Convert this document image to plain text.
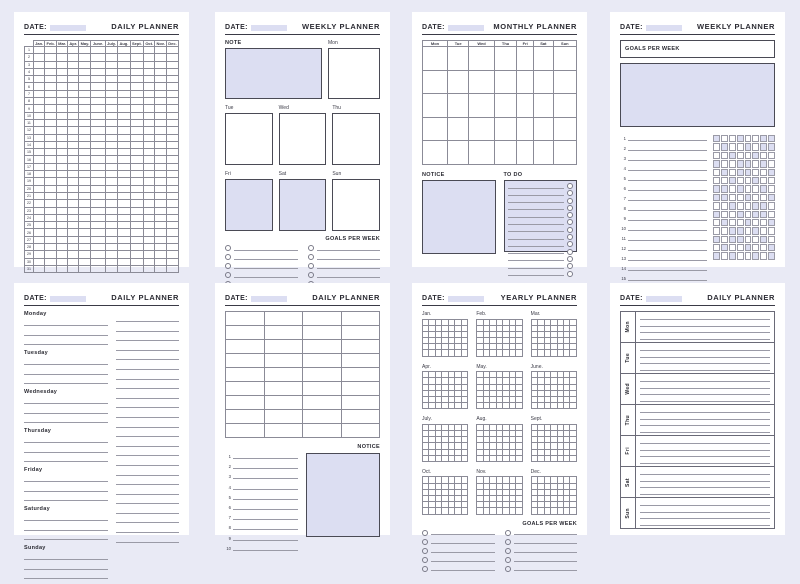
DATE:	DAILY PLANNER
	Jan.	Feb.	Mar.	Apr.	May.	June.	July.	Aug.	Sept.	Oct.	Nov.	Dec.
1												
2												
3												
4												
5												
6												
7												
8												
9												
10												
11												
12												
13												
14												
15												
16												
17												
18												
19												
20												
21												
22												
23												
24												
25												
26												
27												
28												
29												
30												
31												
DATE:	WEEKLY PLANNER
NOTE	Mon
Tue	Wed	Thu
Fri	Sat	Sun
GOALS PER WEEK
DATE:	MONTHLY PLANNER
Mon	Tue	Wed	Thu	Fri	Sat	Sun

NOTICE	TO DO
DATE:	WEEKLY PLANNER
GOALS PER WEEK
1
2
3
4
5
6
7
8
9
10
11
12
13
14
15
DATE:	DAILY PLANNER
Monday
Tuesday
Wednesday
Thursday
Friday
Saturday
Sunday
DATE:	DAILY PLANNER

NOTICE
1
2
3
4
5
6
7
8
9
10
DATE:	YEARLY PLANNER
Jan.

							Feb.

							Mar.

Apr.

							May.

							June.

July.

							Aug.

							Sept.

Oct.

							Nov.

							Dec.

GOALS PER WEEK
DATE:	DAILY PLANNER
Mon
Tue
Wed
Thu
Fri
Sat
Sun
